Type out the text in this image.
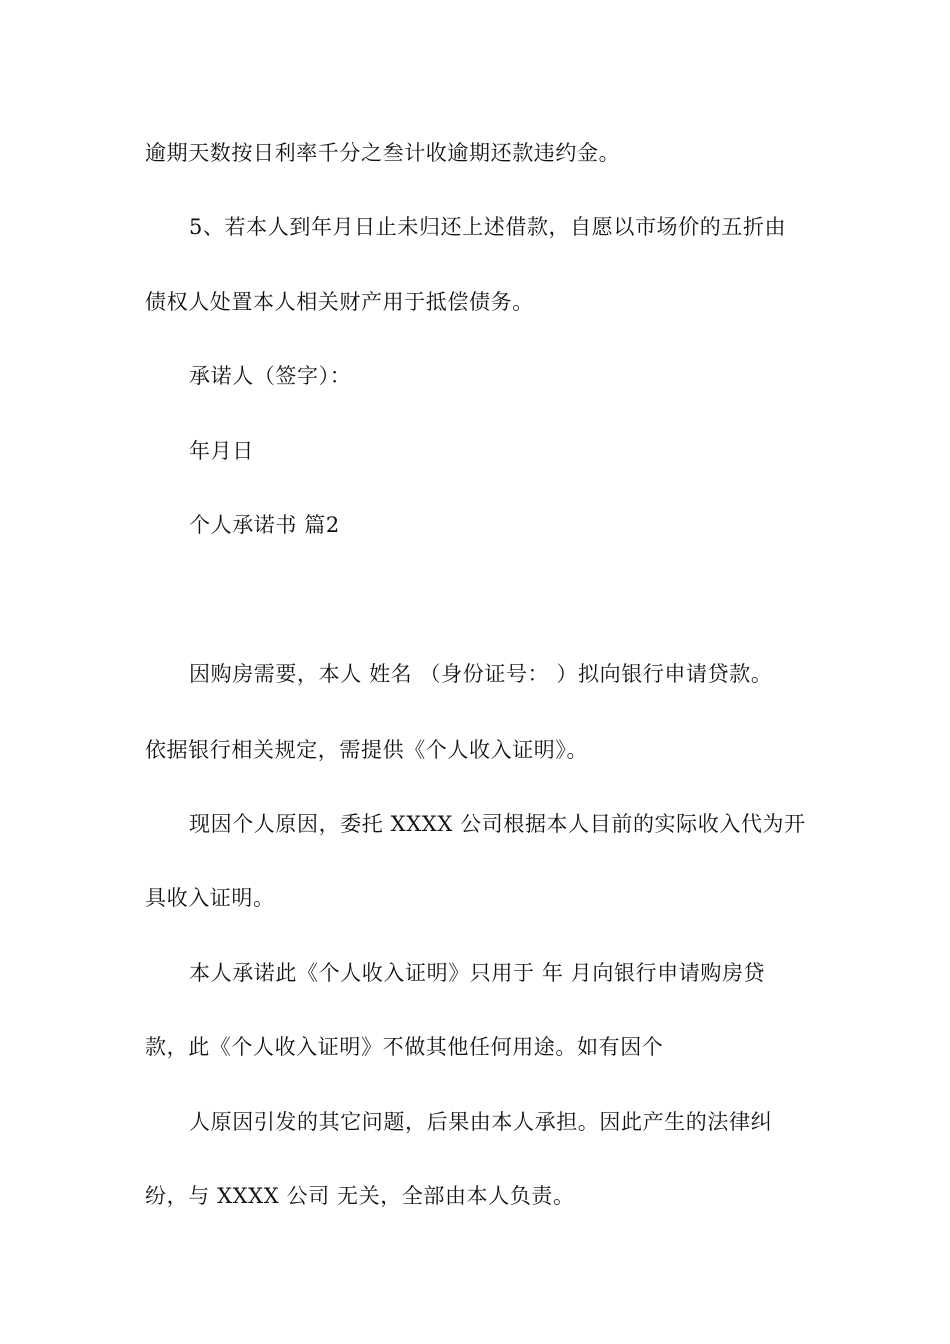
逾期天数按日利率千分之叁计收逾期还款违约金。
5、若本人到年月日止未归还上述借款，自愿以市场价的五折由
债权人处置本人相关财产用于抵偿债务。
承诺人（签字）：
年月日
个人承诺书 篇2
因购房需要，本人 姓名 （身份证号： ）拟向银行申请贷款。
依据银行相关规定，需提供《个人收入证明》。
现因个人原因，委托 XXXX 公司根据本人目前的实际收入代为开
具收入证明。
本人承诺此《个人收入证明》只用于 年 月向银行申请购房贷
款，此《个人收入证明》不做其他任何用途。如有因个
人原因引发的其它问题，后果由本人承担。因此产生的法律纠
纷，与 XXXX 公司 无关，全部由本人负责。
